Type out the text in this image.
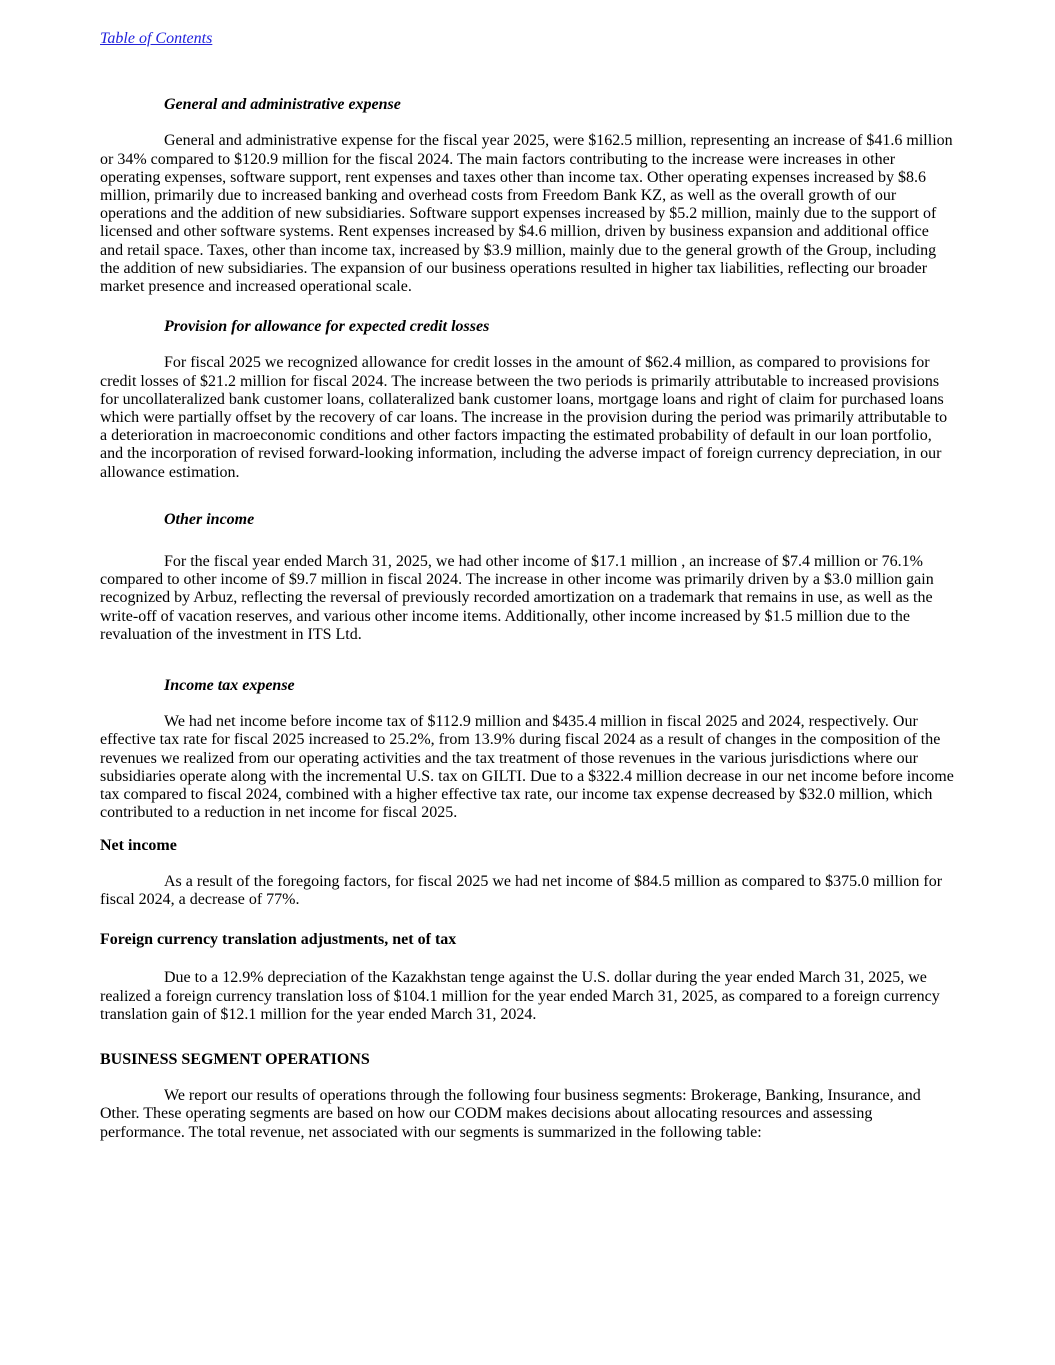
Table of Contents

General and administrative expense

General and administrative expense for the fiscal year 2025, were $162.5 million, representing an increase of $41.6 million or 34% compared to $120.9 million for the fiscal 2024. The main factors contributing to the increase were increases in other operating expenses, software support, rent expenses and taxes other than income tax. Other operating expenses increased by $8.6 million, primarily due to increased banking and overhead costs from Freedom Bank KZ, as well as the overall growth of our operations and the addition of new subsidiaries. Software support expenses increased by $5.2 million, mainly due to the support of licensed and other software systems. Rent expenses increased by $4.6 million, driven by business expansion and additional office and retail space. Taxes, other than income tax, increased by $3.9 million, mainly due to the general growth of the Group, including the addition of new subsidiaries. The expansion of our business operations resulted in higher tax liabilities, reflecting our broader market presence and increased operational scale.

Provision for allowance for expected credit losses

For fiscal 2025 we recognized allowance for credit losses in the amount of $62.4 million, as compared to provisions for credit losses of $21.2 million for fiscal 2024. The increase between the two periods is primarily attributable to increased provisions for uncollateralized bank customer loans, collateralized bank customer loans, mortgage loans and right of claim for purchased loans which were partially offset by the recovery of car loans. The increase in the provision during the period was primarily attributable to a deterioration in macroeconomic conditions and other factors impacting the estimated probability of default in our loan portfolio, and the incorporation of revised forward-looking information, including the adverse impact of foreign currency depreciation, in our allowance estimation.

Other income

For the fiscal year ended March 31, 2025, we had other income of $17.1 million , an increase of $7.4 million or 76.1% compared to other income of $9.7 million in fiscal 2024. The increase in other income was primarily driven by a $3.0 million gain recognized by Arbuz, reflecting the reversal of previously recorded amortization on a trademark that remains in use, as well as the write-off of vacation reserves, and various other income items. Additionally, other income increased by $1.5 million due to the revaluation of the investment in ITS Ltd.

Income tax expense

We had net income before income tax of $112.9 million and $435.4 million in fiscal 2025 and 2024, respectively. Our effective tax rate for fiscal 2025 increased to 25.2%, from 13.9% during fiscal 2024 as a result of changes in the composition of the revenues we realized from our operating activities and the tax treatment of those revenues in the various jurisdictions where our subsidiaries operate along with the incremental U.S. tax on GILTI. Due to a $322.4 million decrease in our net income before income tax compared to fiscal 2024, combined with a higher effective tax rate, our income tax expense decreased by $32.0 million, which contributed to a reduction in net income for fiscal 2025.

Net income

As a result of the foregoing factors, for fiscal 2025 we had net income of $84.5 million as compared to $375.0 million for fiscal 2024, a decrease of 77%.

Foreign currency translation adjustments, net of tax

Due to a 12.9% depreciation of the Kazakhstan tenge against the U.S. dollar during the year ended March 31, 2025, we realized a foreign currency translation loss of $104.1 million for the year ended March 31, 2025, as compared to a foreign currency translation gain of $12.1 million for the year ended March 31, 2024.

BUSINESS SEGMENT OPERATIONS

We report our results of operations through the following four business segments: Brokerage, Banking, Insurance, and Other. These operating segments are based on how our CODM makes decisions about allocating resources and assessing performance. The total revenue, net associated with our segments is summarized in the following table:
